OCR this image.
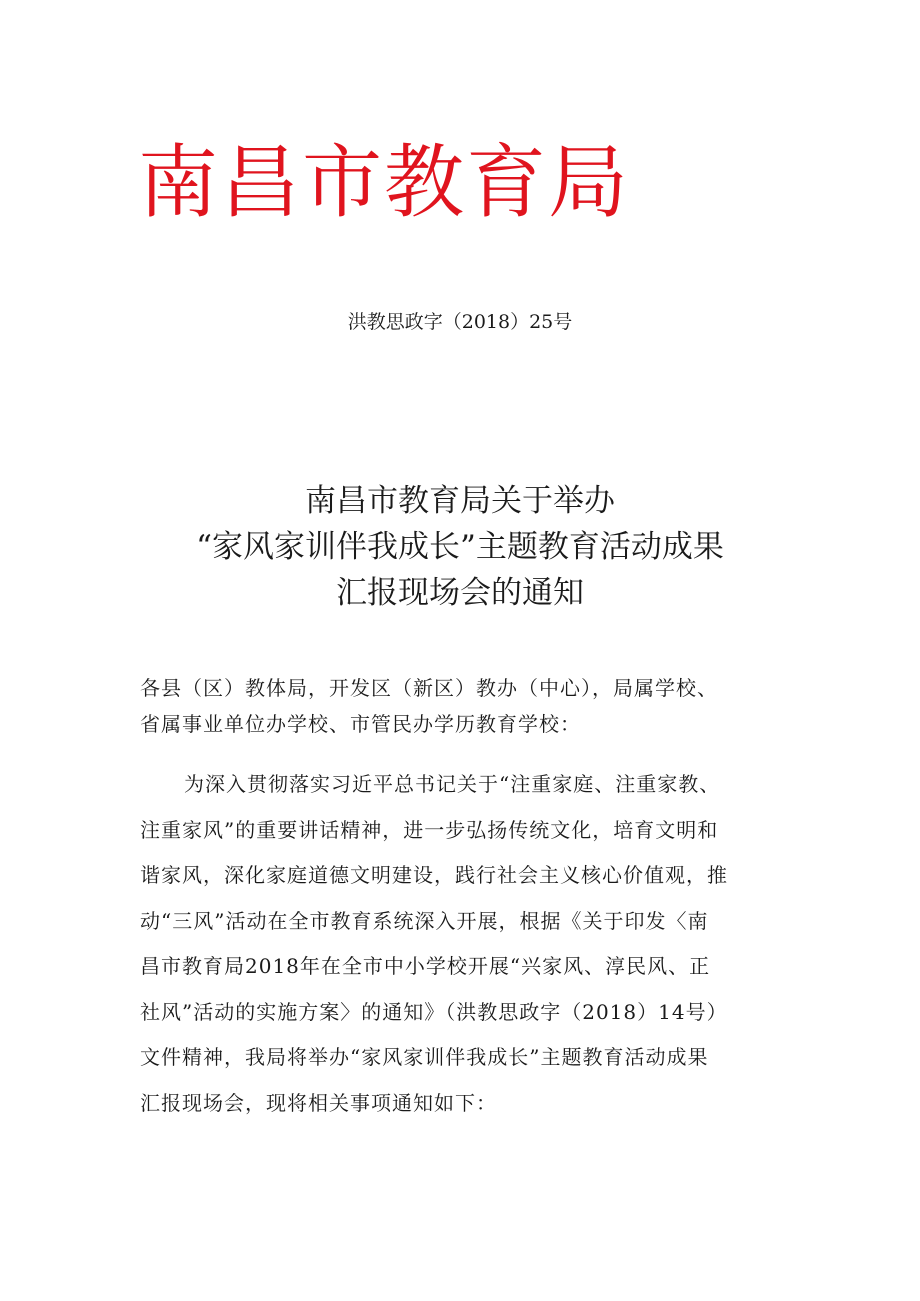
南昌市教育局
洪教思政字（2018）25号
南昌市教育局关于举办
“家风家训伴我成长”主题教育活动成果
汇报现场会的通知
各县（区）教体局，开发区（新区）教办（中心），局属学校、
省属事业单位办学校、市管民办学历教育学校：
为深入贯彻落实习近平总书记关于“注重家庭、注重家教、
注重家风”的重要讲话精神，进一步弘扬传统文化，培育文明和
谐家风，深化家庭道德文明建设，践行社会主义核心价值观，推
动“三风”活动在全市教育系统深入开展，根据《关于印发〈南
昌市教育局2018年在全市中小学校开展“兴家风、淳民风、正
社风”活动的实施方案〉的通知》（洪教思政字（2018）14号）
文件精神，我局将举办“家风家训伴我成长”主题教育活动成果
汇报现场会，现将相关事项通知如下：
